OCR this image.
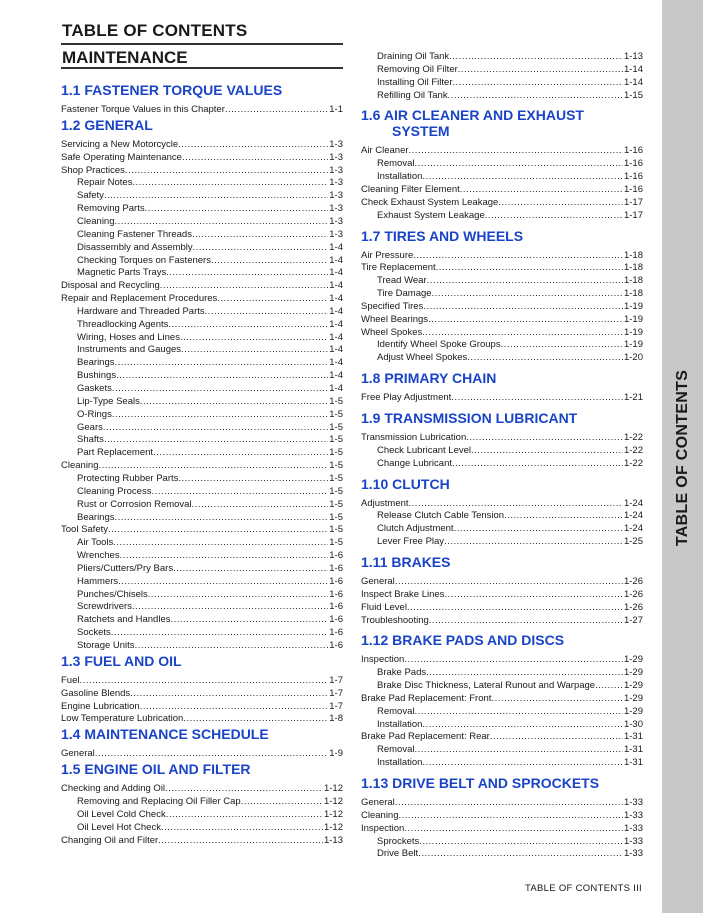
TABLE OF CONTENTS
TABLE OF CONTENTS
MAINTENANCE
TABLE OF CONTENTS III
1.1 FASTENER TORQUE VALUES
Fastener Torque Values in this Chapter .....	1-1
1.2 GENERAL
Servicing a New Motorcycle .....	1-3
Safe Operating Maintenance .....	1-3
Shop Practices .....	1-3
Repair Notes .....	1-3
Safety .....	1-3
Removing Parts .....	1-3
Cleaning .....	1-3
Cleaning Fastener Threads .....	1-3
Disassembly and Assembly .....	1-4
Checking Torques on Fasteners .....	1-4
Magnetic Parts Trays .....	1-4
Disposal and Recycling .....	1-4
Repair and Replacement Procedures .....	1-4
Hardware and Threaded Parts .....	1-4
Threadlocking Agents .....	1-4
Wiring, Hoses and Lines .....	1-4
Instruments and Gauges .....	1-4
Bearings .....	1-4
Bushings .....	1-4
Gaskets .....	1-4
Lip-Type Seals .....	1-5
O-Rings .....	1-5
Gears .....	1-5
Shafts .....	1-5
Part Replacement .....	1-5
Cleaning .....	1-5
Protecting Rubber Parts .....	1-5
Cleaning Process .....	1-5
Rust or Corrosion Removal .....	1-5
Bearings .....	1-5
Tool Safety .....	1-5
Air Tools .....	1-5
Wrenches .....	1-6
Pliers/Cutters/Pry Bars .....	1-6
Hammers .....	1-6
Punches/Chisels .....	1-6
Screwdrivers .....	1-6
Ratchets and Handles .....	1-6
Sockets .....	1-6
Storage Units .....	1-6
1.3 FUEL AND OIL
Fuel .....	1-7
Gasoline Blends .....	1-7
Engine Lubrication .....	1-7
Low Temperature Lubrication .....	1-8
1.4 MAINTENANCE SCHEDULE
General .....	1-9
1.5 ENGINE OIL AND FILTER
Checking and Adding Oil .....	1-12
Removing and Replacing Oil Filler Cap .....	1-12
Oil Level Cold Check .....	1-12
Oil Level Hot Check .....	1-12
Changing Oil and Filter .....	1-13
Draining Oil Tank .....	1-13
Removing Oil Filter .....	1-14
Installing Oil Filter .....	1-14
Refilling Oil Tank .....	1-15
1.6 AIR CLEANER AND EXHAUST
SYSTEM
Air Cleaner .....	1-16
Removal .....	1-16
Installation .....	1-16
Cleaning Filter Element .....	1-16
Check Exhaust System Leakage .....	1-17
Exhaust System Leakage .....	1-17
1.7 TIRES AND WHEELS
Air Pressure .....	1-18
Tire Replacement .....	1-18
Tread Wear .....	1-18
Tire Damage .....	1-18
Specified Tires .....	1-19
Wheel Bearings .....	1-19
Wheel Spokes .....	1-19
Identify Wheel Spoke Groups .....	1-19
Adjust Wheel Spokes .....	1-20
1.8 PRIMARY CHAIN
Free Play Adjustment .....	1-21
1.9 TRANSMISSION LUBRICANT
Transmission Lubrication .....	1-22
Check Lubricant Level .....	1-22
Change Lubricant .....	1-22
1.10 CLUTCH
Adjustment .....	1-24
Release Clutch Cable Tension .....	1-24
Clutch Adjustment .....	1-24
Lever Free Play .....	1-25
1.11 BRAKES
General .....	1-26
Inspect Brake Lines .....	1-26
Fluid Level .....	1-26
Troubleshooting .....	1-27
1.12 BRAKE PADS AND DISCS
Inspection .....	1-29
Brake Pads .....	1-29
Brake Disc Thickness, Lateral Runout and Warpage .....	1-29
Brake Pad Replacement: Front .....	1-29
Removal .....	1-29
Installation .....	1-30
Brake Pad Replacement: Rear .....	1-31
Removal .....	1-31
Installation .....	1-31
1.13 DRIVE BELT AND SPROCKETS
General .....	1-33
Cleaning .....	1-33
Inspection .....	1-33
Sprockets .....	1-33
Drive Belt .....	1-33
